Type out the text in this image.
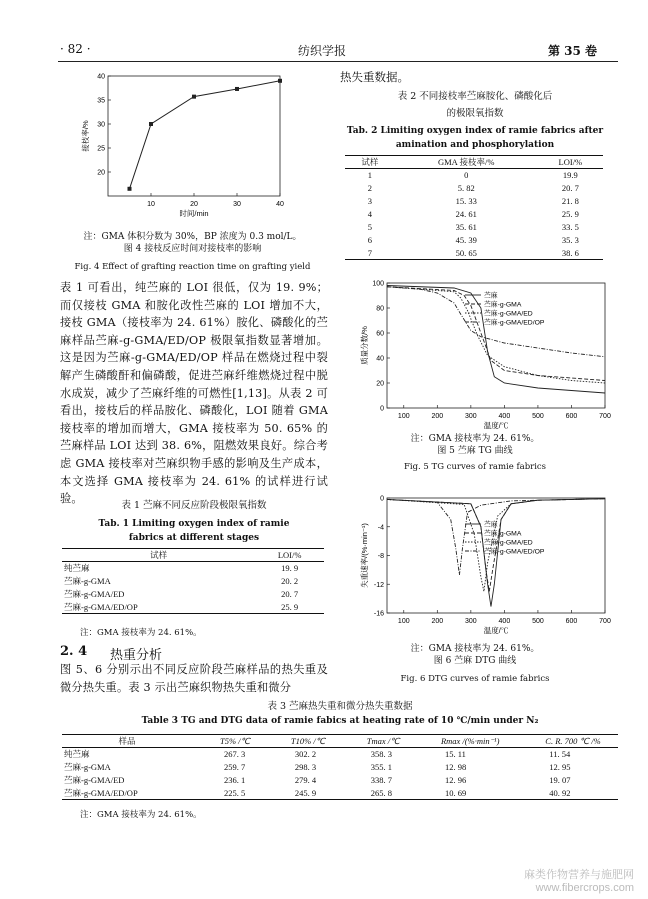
· 82 ·	纺织学报	第 35 卷
10	20	30	40
20
25
30
35
40
时间/min
接枝率/%
注：GMA 体积分数为 30%，BP 浓度为 0.3 mol/L。
图 4 接枝反应时间对接枝率的影响
Fig. 4 Effect of grafting reaction time on grafting yield
热失重数据。
表 2 不同接枝率苎麻胺化、磷酸化后
的极限氧指数
Tab. 2 Limiting oxygen index of ramie fabrics after
amination and phosphorylation
试样	GMA 接枝率/%	LOI/%
1	0	19.9
2	5. 82	20. 7
3	15. 33	21. 8
4	24. 61	25. 9
5	35. 61	33. 5
6	45. 39	35. 3
7	50. 65	38. 6
100	200	300	400	500	600	700
0
20
40
60
80
100
温度/℃
质量分数/%
苎麻
苎麻-g-GMA
苎麻-g-GMA/ED
苎麻-g-GMA/ED/OP
注：GMA 接枝率为 24. 61%。
图 5 苎麻 TG 曲线
Fig. 5 TG curves of ramie fabrics
表 1 可看出，纯苎麻的 LOI 很低，仅为 19. 9%；而仅接枝 GMA 和胺化改性苎麻的 LOI 增加不大，接枝 GMA（接枝率为 24. 61%）胺化、磷酸化的苎麻样品苎麻-g-GMA/ED/OP 极限氧指数显著增加。这是因为苎麻-g-GMA/ED/OP 样品在燃烧过程中裂解产生磷酸酐和偏磷酸，促进苎麻纤维燃烧过程中脱水成炭，减少了苎麻纤维的可燃性[1,13]。从表 2 可看出，接枝后的样品胺化、磷酸化，LOI 随着 GMA 接枝率的增加而增大，GMA 接枝率为 50. 65% 的苎麻样品 LOI 达到 38. 6%，阻燃效果良好。综合考虑 GMA 接枝率对苎麻织物手感的影响及生产成本，本文选择 GMA 接枝率为 24. 61% 的试样进行试验。
表 1 苎麻不同反应阶段极限氧指数
Tab. 1 Limiting oxygen index of ramie
fabrics at different stages
试样	LOI/%
纯苎麻	19. 9
苎麻-g-GMA	20. 2
苎麻-g-GMA/ED	20. 7
苎麻-g-GMA/ED/OP	25. 9
注：GMA 接枝率为 24. 61%。
2. 4 热重分析
图 5、6 分别示出不同反应阶段苎麻样品的热失重及微分热失重。表 3 示出苎麻织物热失重和微分
100	200	300	400	500	600	700
0
-4
-8
-12
-16
温度/℃
失重速率/(%·min⁻¹)	苎麻
苎麻-g-GMA
苎麻-g-GMA/ED
苎麻-g-GMA/ED/OP
注：GMA 接枝率为 24. 61%。
图 6 苎麻 DTG 曲线
Fig. 6 DTG curves of ramie fabrics
表 3 苎麻热失重和微分热失重数据
Table 3 TG and DTG data of ramie fabics at heating rate of 10 ℃/min under N₂
样品	T5% /℃	T10% /℃	Tmax /℃	Rmax /(%·min⁻¹)	C. R. 700 ℃ /%
纯苎麻	267. 3	302. 2	358. 3	15. 11	11. 54
苎麻-g-GMA	259. 7	298. 3	355. 1	12. 98	12. 95
苎麻-g-GMA/ED	236. 1	279. 4	338. 7	12. 96	19. 07
苎麻-g-GMA/ED/OP	225. 5	245. 9	265. 8	10. 69	40. 92
注：GMA 接枝率为 24. 61%。
麻类作物营养与施肥网
www.fibercrops.com
